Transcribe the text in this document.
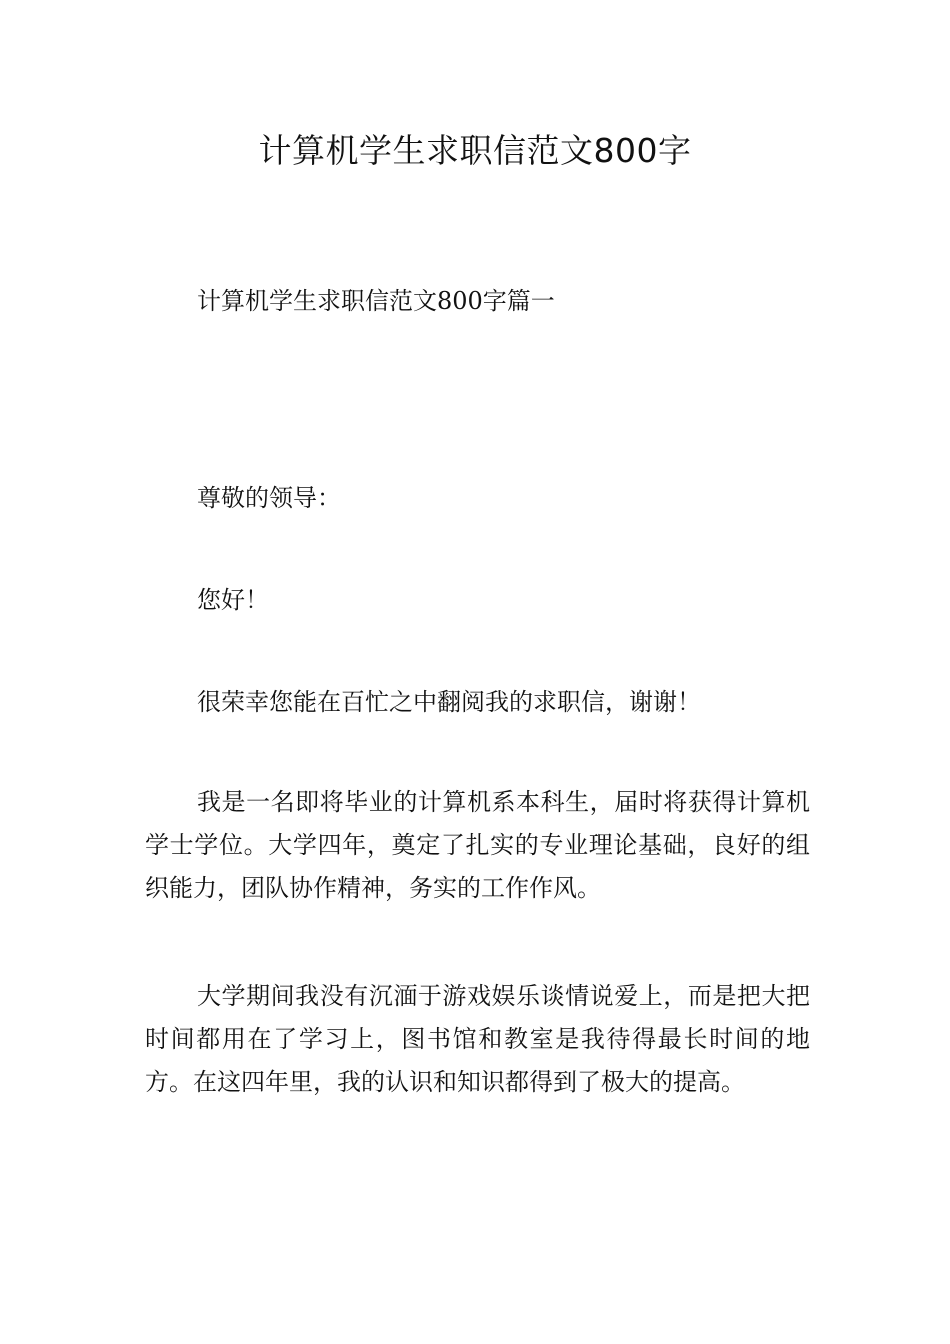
计算机学生求职信范文800字

计算机学生求职信范文800字篇一

尊敬的领导：

您好！

很荣幸您能在百忙之中翻阅我的求职信，谢谢！

我是一名即将毕业的计算机系本科生，届时将获得计算机学士学位。大学四年，奠定了扎实的专业理论基础，良好的组织能力，团队协作精神，务实的工作作风。

大学期间我没有沉湎于游戏娱乐谈情说爱上，而是把大把时间都用在了学习上，图书馆和教室是我待得最长时间的地方。在这四年里，我的认识和知识都得到了极大的提高。
